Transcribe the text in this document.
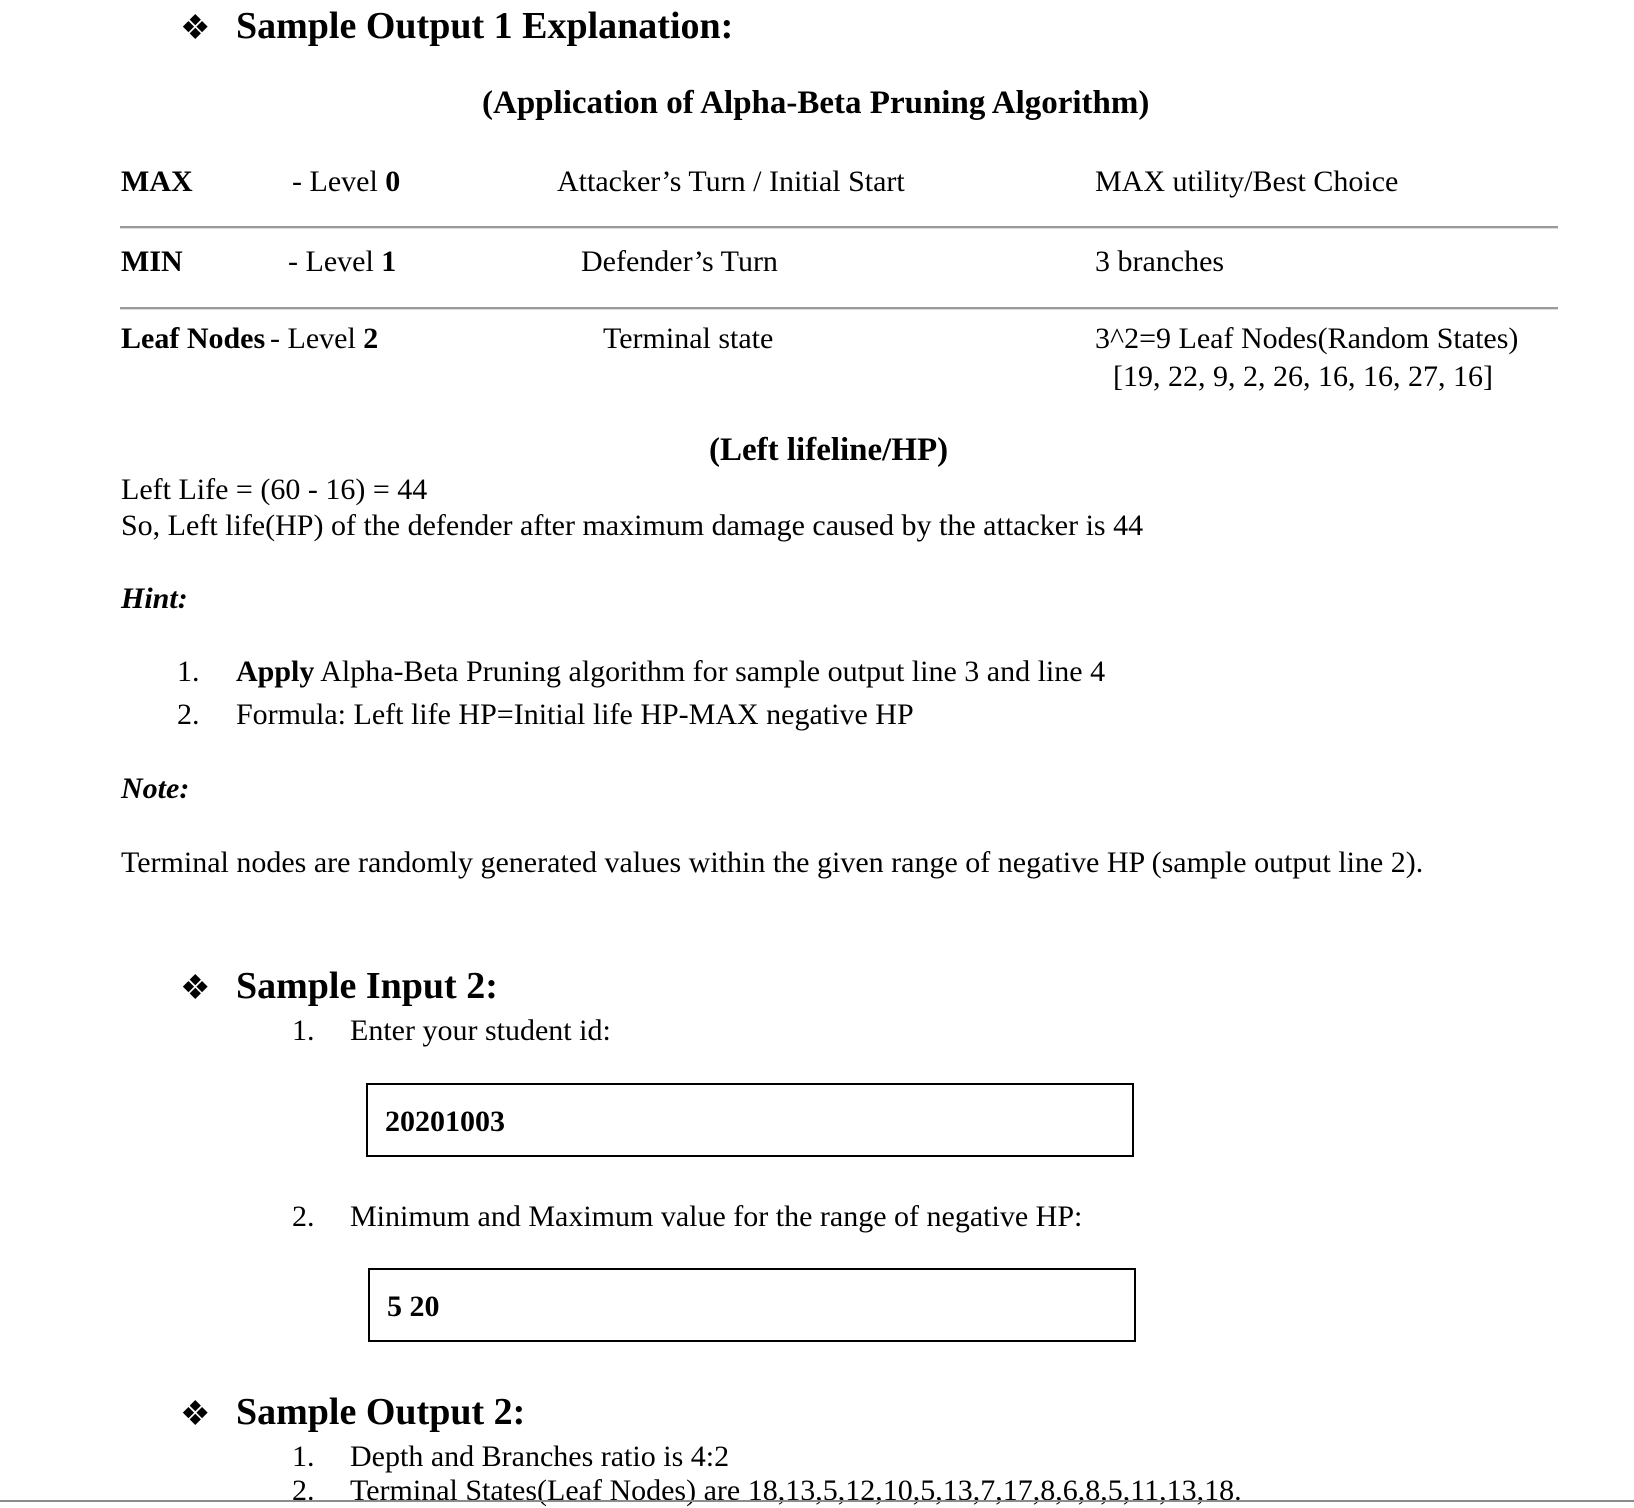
❖ Sample Output 1 Explanation:
(Application of Alpha-Beta Pruning Algorithm)
MAX	- Level 0	Attacker’s Turn / Initial Start	MAX utility/Best Choice
MIN	- Level 1	Defender’s Turn	3 branches
Leaf Nodes - Level 2	Terminal state	3^2=9 Leaf Nodes(Random States)
[19, 22, 9, 2, 26, 16, 16, 27, 16]
(Left lifeline/HP)
Left Life = (60 - 16) = 44
So, Left life(HP) of the defender after maximum damage caused by the attacker is 44
Hint:
1. Apply Alpha-Beta Pruning algorithm for sample output line 3 and line 4
2. Formula: Left life HP=Initial life HP-MAX negative HP
Note:
Terminal nodes are randomly generated values within the given range of negative HP (sample output line 2).
❖ Sample Input 2:
1. Enter your student id:
20201003
2. Minimum and Maximum value for the range of negative HP:
5 20
❖ Sample Output 2:
1. Depth and Branches ratio is 4:2
2. Terminal States(Leaf Nodes) are 18,13,5,12,10,5,13,7,17,8,6,8,5,11,13,18.
